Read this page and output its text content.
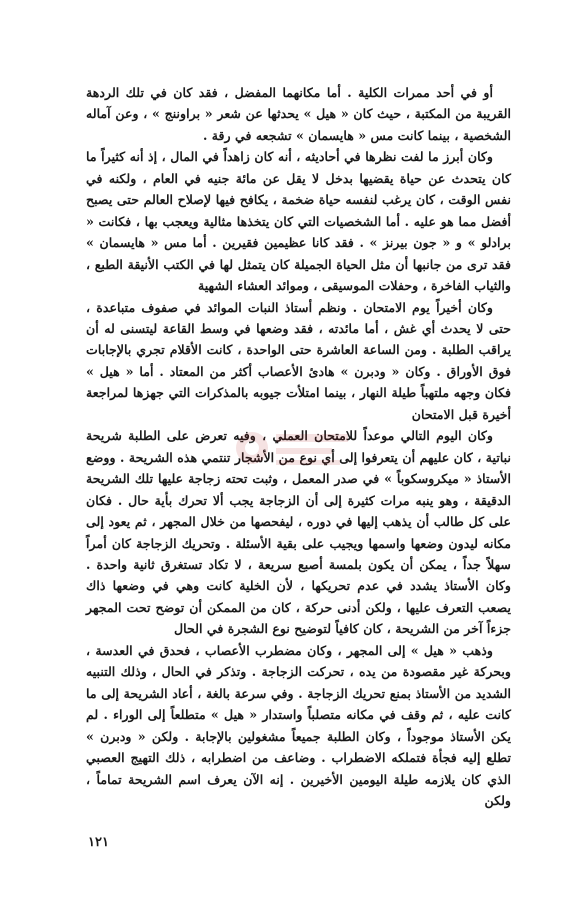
أو في أحد ممرات الكلية . أما مكانهما المفضل ، فقد كان في تلك الردهة القريبة من المكتبة ، حيث كان « هيل » يحدثها عن شعر « براوننج » ، وعن آماله الشخصية ، بينما كانت مس « هايسمان » تشجعه في رقة .

وكان أبرز ما لفت نظرها في أحاديثه ، أنه كان زاهداً في المال ، إذ أنه كثيراً ما كان يتحدث عن حياة يقضيها بدخل لا يقل عن مائة جنيه في العام ، ولكنه في نفس الوقت ، كان يرغب لنفسه حياة ضخمة ، يكافح فيها لإصلاح العالم حتى يصبح أفضل مما هو عليه . أما الشخصيات التي كان يتخذها مثالية ويعجب بها ، فكانت « برادلو » و « جون بيرنز » . فقد كانا عظيمين فقيرين . أما مس « هايسمان » فقد ترى من جانبها أن مثل الحياة الجميلة كان يتمثل لها في الكتب الأنيقة الطبع ، والثياب الفاخرة ، وحفلات الموسيقى ، وموائد العشاء الشهية

وكان أخيراً يوم الامتحان . ونظم أستاذ النبات الموائد في صفوف متباعدة ، حتى لا يحدث أي غش ، أما مائدته ، فقد وضعها في وسط القاعة ليتسنى له أن يراقب الطلبة . ومن الساعة العاشرة حتى الواحدة ، كانت الأقلام تجري بالإجابات فوق الأوراق . وكان « ودبرن » هادئ الأعصاب أكثر من المعتاد . أما « هيل » فكان وجهه ملتهباً طيلة النهار ، بينما امتلأت جيوبه بالمذكرات التي جهزها لمراجعة أخيرة قبل الامتحان

وكان اليوم التالي موعداً للامتحان العملي ، وفيه تعرض على الطلبة شريحة نباتية ، كان عليهم أن يتعرفوا إلى أي نوع من الأشجار تنتمي هذه الشريحة . ووضع الأستاذ « ميكروسكوباً » في صدر المعمل ، وثبت تحته زجاجة عليها تلك الشريحة الدقيقة ، وهو ينبه مرات كثيرة إلى أن الزجاجة يجب ألا تحرك بأية حال . فكان على كل طالب أن يذهب إليها في دوره ، ليفحصها من خلال المجهر ، ثم يعود إلى مكانه ليدون وضعها واسمها ويجيب على بقية الأسئلة . وتحريك الزجاجة كان أمراً سهلاً جداً ، يمكن أن يكون بلمسة أصبع سريعة ، لا تكاد تستغرق ثانية واحدة . وكان الأستاذ يشدد في عدم تحريكها ، لأن الخلية كانت وهي في وضعها ذاك يصعب التعرف عليها ، ولكن أدنى حركة ، كان من الممكن أن توضح تحت المجهر جزءاً آخر من الشريحة ، كان كافياً لتوضيح نوع الشجرة في الحال

وذهب « هيل » إلى المجهر ، وكان مضطرب الأعصاب ، فحدق في العدسة ، وبحركة غير مقصودة من يده ، تحركت الزجاجة . وتذكر في الحال ، وذلك التنبيه الشديد من الأستاذ بمنع تحريك الزجاجة . وفي سرعة بالغة ، أعاد الشريحة إلى ما كانت عليه ، ثم وقف في مكانه متصلباً واستدار « هيل » متطلعاً إلى الوراء . لم يكن الأستاذ موجوداً ، وكان الطلبة جميعاً مشغولين بالإجابة . ولكن « ودبرن » تطلع إليه فجأة فتملكه الاضطراب . وضاعف من اضطرابه ، ذلك التهيج العصبي الذي كان يلازمه طيلة اليومين الأخيرين . إنه الآن يعرف اسم الشريحة تماماً ، ولكن

١٢١
